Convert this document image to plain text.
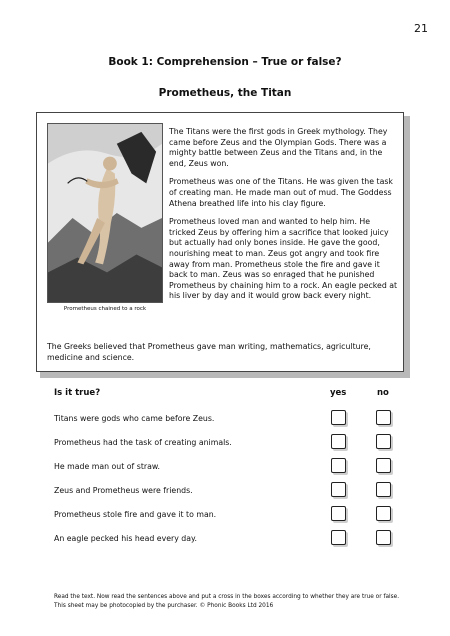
21
Book 1: Comprehension – True or false?
Prometheus, the Titan
Prometheus chained to a rock

The Titans were the first gods in Greek mythology. They came before Zeus and the Olympian Gods. There was a mighty battle between Zeus and the Titans and, in the end, Zeus won.

Prometheus was one of the Titans. He was given the task of creating man. He made man out of mud. The Goddess Athena breathed life into his clay figure.

Prometheus loved man and wanted to help him. He tricked Zeus by offering him a sacrifice that looked juicy but actually had only bones inside. He gave the good, nourishing meat to man. Zeus got angry and took fire away from man. Prometheus stole the fire and gave it back to man. Zeus was so enraged that he punished Prometheus by chaining him to a rock. An eagle pecked at his liver by day and it would grow back every night.

The Greeks believed that Prometheus gave man writing, mathematics, agriculture, medicine and science.
Is it true?	yes	no
Titans were gods who came before Zeus.
Prometheus had the task of creating animals.
He made man out of straw.
Zeus and Prometheus were friends.
Prometheus stole fire and gave it to man.
An eagle pecked his head every day.
Read the text. Now read the sentences above and put a cross in the boxes according to whether they are true or false. This sheet may be photocopied by the purchaser. © Phonic Books Ltd 2016
